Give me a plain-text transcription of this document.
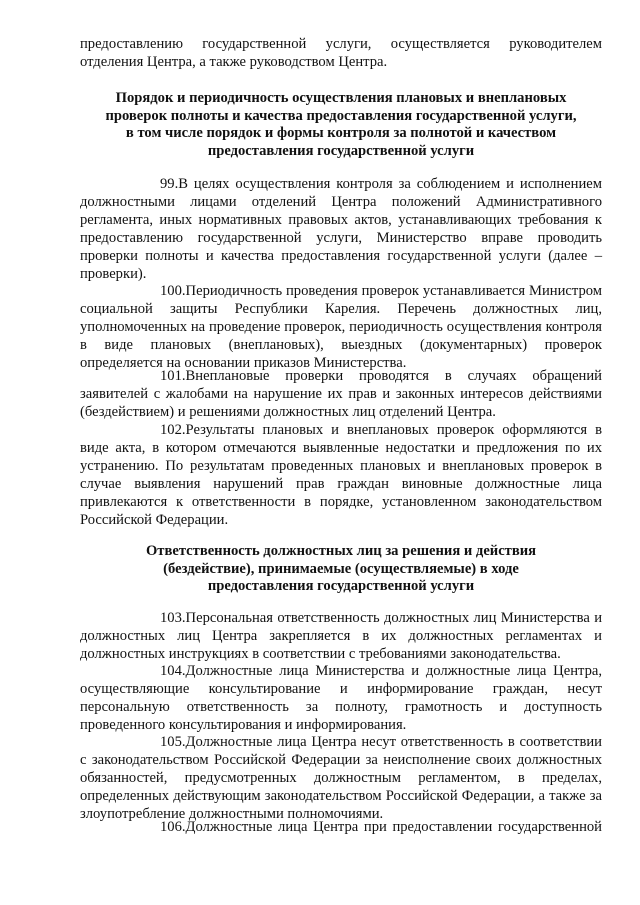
предоставлению государственной услуги, осуществляется руководителем
отделения Центра, а также руководством Центра.
Порядок и периодичность осуществления плановых и внеплановых
проверок полноты и качества предоставления государственной услуги,
в том числе порядок и формы контроля за полнотой и качеством
предоставления государственной услуги

99.В целях осуществления контроля за соблюдением и исполнением должностными лицами отделений Центра положений Административного регламента, иных нормативных правовых актов, устанавливающих требования к предоставлению государственной услуги, Министерство вправе проводить проверки полноты и качества предоставления государственной услуги (далее – проверки).

100.Периодичность проведения проверок устанавливается Министром социальной защиты Республики Карелия. Перечень должностных лиц, уполномоченных на проведение проверок, периодичность осуществления контроля в виде плановых (внеплановых), выездных (документарных) проверок определяется на основании приказов Министерства.

101.Внеплановые проверки проводятся в случаях обращений заявителей с жалобами на нарушение их прав и законных интересов действиями (бездействием) и решениями должностных лиц отделений Центра.

102.Результаты плановых и внеплановых проверок оформляются в виде акта, в котором отмечаются выявленные недостатки и предложения по их устранению. По результатам проведенных плановых и внеплановых проверок в случае выявления нарушений прав граждан виновные должностные лица привлекаются к ответственности в порядке, установленном законодательством Российской Федерации.

Ответственность должностных лиц за решения и действия
(бездействие), принимаемые (осуществляемые) в ходе
предоставления государственной услуги

103.Персональная ответственность должностных лиц Министерства и должностных лиц Центра закрепляется в их должностных регламентах и должностных инструкциях в соответствии с требованиями законодательства.

104.Должностные лица Министерства и должностные лица Центра, осуществляющие консультирование и информирование граждан, несут персональную ответственность за полноту, грамотность и доступность проведенного консультирования и информирования.

105.Должностные лица Центра несут ответственность в соответствии с законодательством Российской Федерации за неисполнение своих должностных обязанностей, предусмотренных должностным регламентом, в пределах, определенных действующим законодательством Российской Федерации, а также за злоупотребление должностными полномочиями.

106.Должностные лица Центра при предоставлении государственной
